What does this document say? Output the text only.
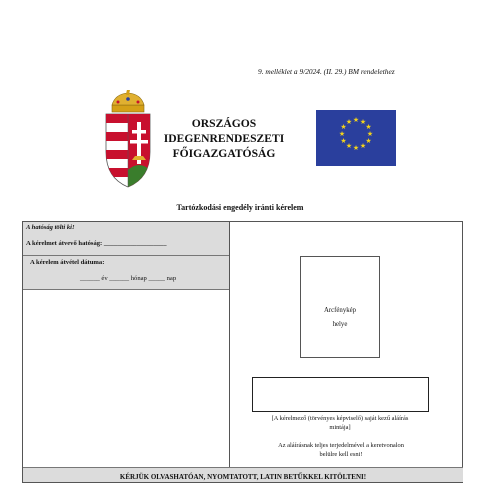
9. melléklet a 9/2024. (II. 29.) BM rendelethez
ORSZÁGOS
IDEGENRENDESZETI
FŐIGAZGATÓSÁG
★ ★
★
★
★
★
★
★
★
★
★
★
Tartózkodási engedély iránti kérelem
A hatóság tölti ki!
A kérelmet átvevő hatóság: ___________________
A kérelem átvétel dátuma:
______ év ______ hónap _____ nap
Arcfénykép
helye
[A kérelmező (törvényes képviselő) saját kezű aláírás
mintája]
Az aláírásnak teljes terjedelmével a keretvonalon
belülre kell esni!
KÉRJÜK OLVASHATÓAN, NYOMTATOTT, LATIN BETŰKKEL KITÖLTENI!
